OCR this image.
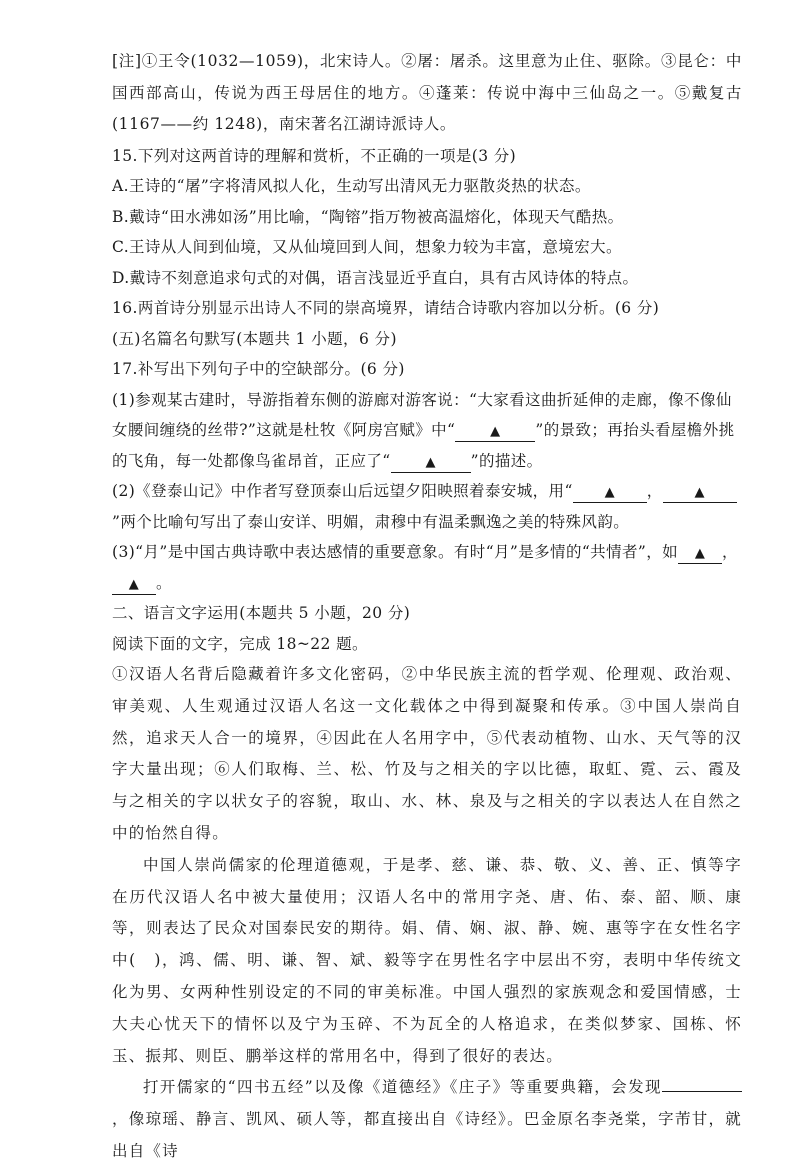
[注]①王令(1032—1059)，北宋诗人。②屠：屠杀。这里意为止住、驱除。③昆仑：中国西部高山，传说为西王母居住的地方。④蓬莱：传说中海中三仙岛之一。⑤戴复古(1167——约 1248)，南宋著名江湖诗派诗人。

15.下列对这两首诗的理解和赏析，不正确的一项是(3 分)

A.王诗的“屠”字将清风拟人化，生动写出清风无力驱散炎热的状态。

B.戴诗“田水沸如汤”用比喻，“陶镕”指万物被高温熔化，体现天气酷热。

C.王诗从人间到仙境，又从仙境回到人间，想象力较为丰富，意境宏大。

D.戴诗不刻意追求句式的对偶，语言浅显近乎直白，具有古风诗体的特点。

16.两首诗分别显示出诗人不同的崇高境界，请结合诗歌内容加以分析。(6 分)

(五)名篇名句默写(本题共 1 小题，6 分)

17.补写出下列句子中的空缺部分。(6 分)

(1)参观某古建时，导游指着东侧的游廊对游客说：“大家看这曲折延伸的走廊，像不像仙女腰间缠绕的丝带?”这就是杜牧《阿房宫赋》中“	▲ ”的景致；再抬头看屋檐外挑的飞角，每一处都像鸟雀昂首，正应了“	▲ ”的描述。

(2)《登泰山记》中作者写登顶泰山后远望夕阳映照着泰安城，用“ ▲ ， ▲”两个比喻句写出了泰山安详、明媚，肃穆中有温柔飘逸之美的特殊风韵。

(3)“月”是中国古典诗歌中表达感情的重要意象。有时“月”是多情的“共情者”，如 ▲ ，▲ 。

二、语言文字运用(本题共 5 小题，20 分)

阅读下面的文字，完成 18~22 题。

①汉语人名背后隐藏着许多文化密码，②中华民族主流的哲学观、伦理观、政治观、审美观、人生观通过汉语人名这一文化载体之中得到凝聚和传承。③中国人崇尚自然，追求天人合一的境界，④因此在人名用字中，⑤代表动植物、山水、天气等的汉字大量出现；⑥人们取梅、兰、松、竹及与之相关的字以比德，取虹、霓、云、霞及与之相关的字以状女子的容貌，取山、水、林、泉及与之相关的字以表达人在自然之中的怡然自得。

中国人崇尚儒家的伦理道德观，于是孝、慈、谦、恭、敬、义、善、正、慎等字在历代汉语人名中被大量使用；汉语人名中的常用字尧、唐、佑、泰、韶、顺、康等，则表达了民众对国泰民安的期待。娟、倩、娴、淑、静、婉、惠等字在女性名字中( )，鸿、儒、明、谦、智、斌、毅等字在男性名字中层出不穷，表明中华传统文化为男、女两种性别设定的不同的审美标准。中国人强烈的家族观念和爱国情感，士大夫心忧天下的情怀以及宁为玉碎、不为瓦全的人格追求，在类似梦家、国栋、怀玉、振邦、则臣、鹏举这样的常用名中，得到了很好的表达。

打开儒家的“四书五经”以及像《道德经》《庄子》等重要典籍，会发现，像琼瑶、静言、凯风、硕人等，都直接出自《诗经》。巴金原名李尧棠，字芾甘，就出自《诗
